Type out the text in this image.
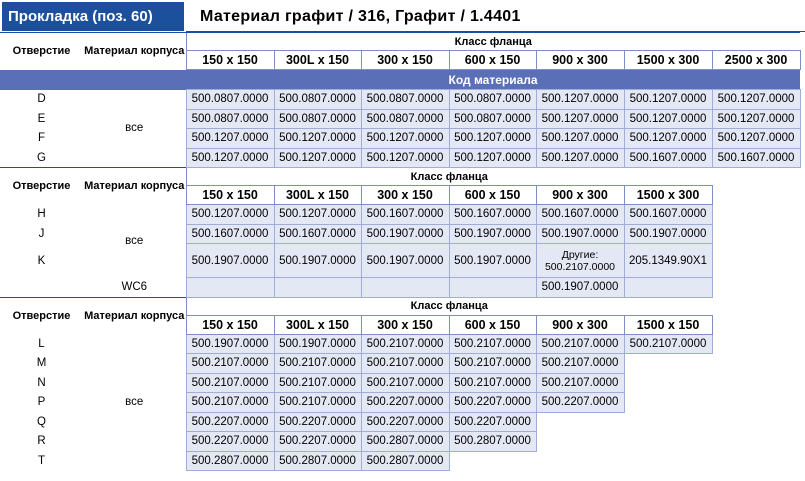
Прокладка (поз. 60)	Материал графит / 316, Графит / 1.4401
Отверстие	Материал корпуса	Класс фланца						
		150 x 150	300L x 150	300 x 150	600 x 150	900 x 300	1500 x 300	2500 x 300
		Код материала						
D	все	500.0807.0000	500.0807.0000	500.0807.0000	500.0807.0000	500.1207.0000	500.1207.0000	500.1207.0000
E		500.0807.0000	500.0807.0000	500.0807.0000	500.0807.0000	500.1207.0000	500.1207.0000	500.1207.0000
F		500.1207.0000	500.1207.0000	500.1207.0000	500.1207.0000	500.1207.0000	500.1207.0000	500.1207.0000
G		500.1207.0000	500.1207.0000	500.1207.0000	500.1207.0000	500.1207.0000	500.1607.0000	500.1607.0000
Отверстие	Материал корпуса	Класс фланца						
		150 x 150	300L x 150	300 x 150	600 x 150	900 x 300	1500 x 300	
H	все	500.1207.0000	500.1207.0000	500.1607.0000	500.1607.0000	500.1607.0000	500.1607.0000	
J		500.1607.0000	500.1607.0000	500.1907.0000	500.1907.0000	500.1907.0000	500.1907.0000	
K		500.1907.0000	500.1907.0000	500.1907.0000	500.1907.0000	Другие: 500.2107.0000	205.1349.90X1	
	WC6					500.1907.0000		
Отверстие	Материал корпуса	Класс фланца						
		150 x 150	300L x 150	300 x 150	600 x 150	900 x 300	1500 x 150	
L	все	500.1907.0000	500.1907.0000	500.2107.0000	500.2107.0000	500.2107.0000	500.2107.0000	
M		500.2107.0000	500.2107.0000	500.2107.0000	500.2107.0000	500.2107.0000		
N		500.2107.0000	500.2107.0000	500.2107.0000	500.2107.0000	500.2107.0000		
P		500.2107.0000	500.2107.0000	500.2207.0000	500.2207.0000	500.2207.0000		
Q		500.2207.0000	500.2207.0000	500.2207.0000	500.2207.0000			
R		500.2207.0000	500.2207.0000	500.2807.0000	500.2807.0000			
T		500.2807.0000	500.2807.0000	500.2807.0000				
